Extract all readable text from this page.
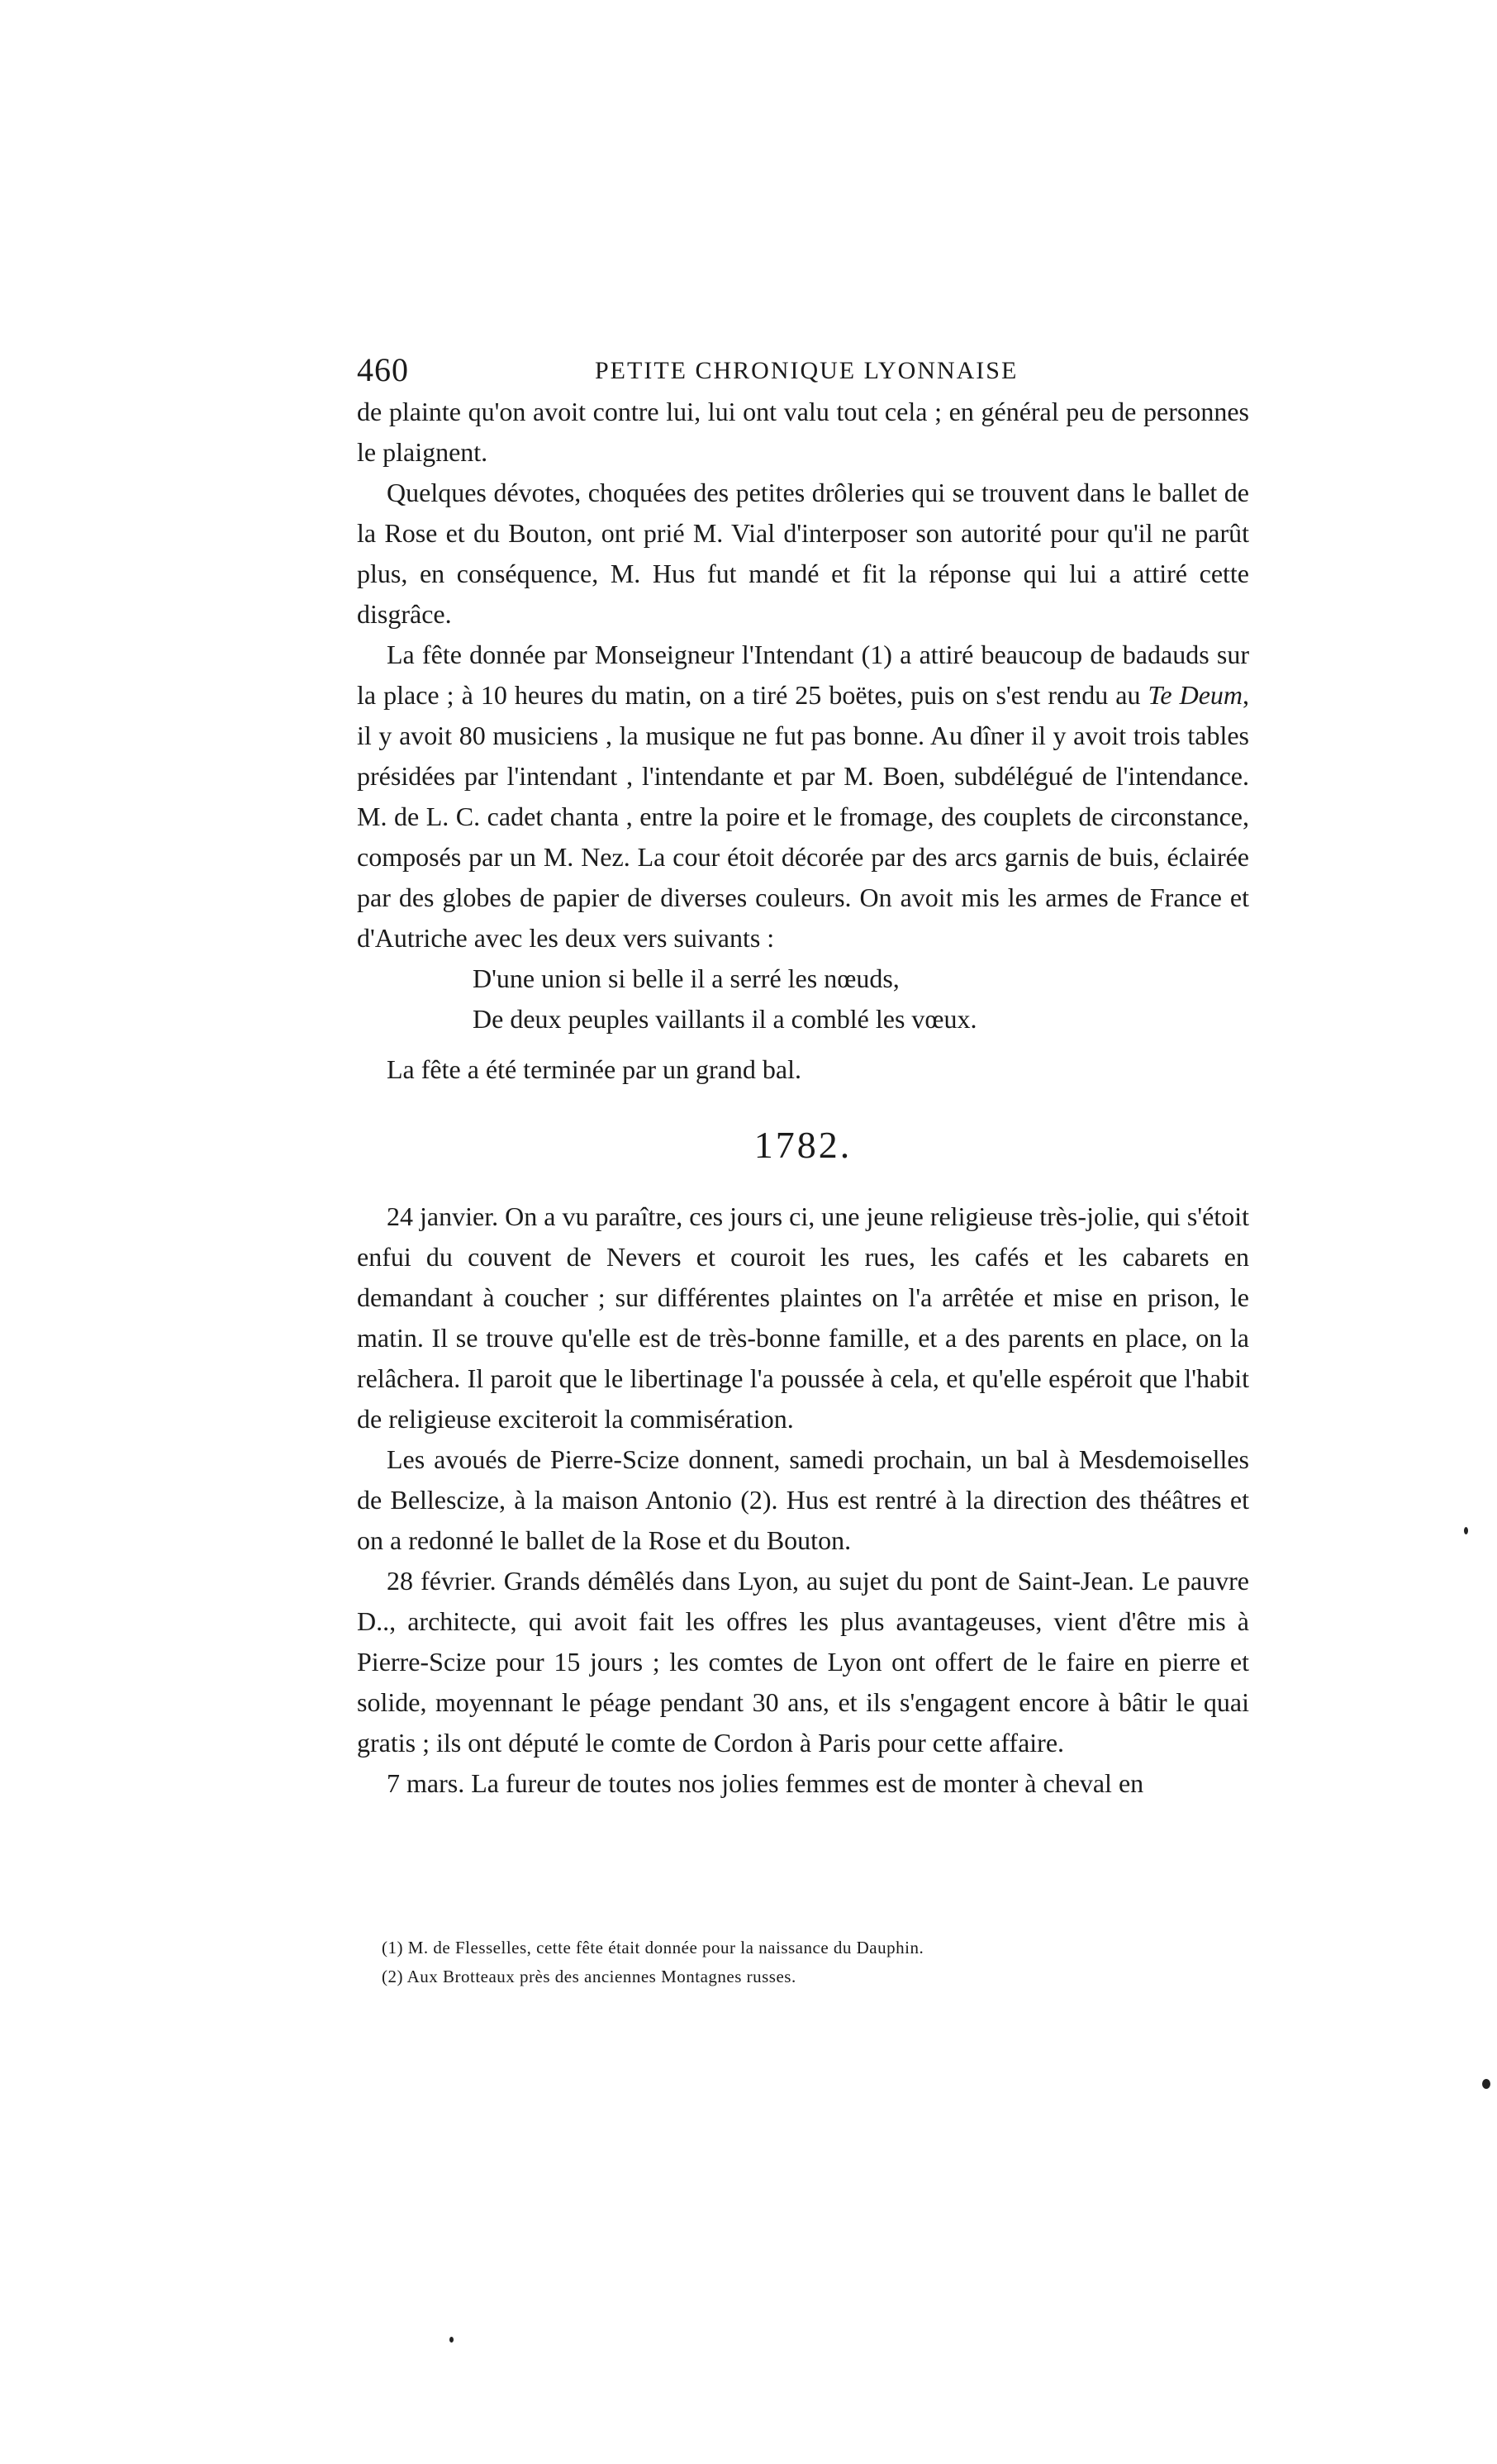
460	PETITE CHRONIQUE LYONNAISE

de plainte qu'on avoit contre lui, lui ont valu tout cela ; en général peu de personnes le plaignent.

Quelques dévotes, choquées des petites drôleries qui se trouvent dans le ballet de la Rose et du Bouton, ont prié M. Vial d'interposer son autorité pour qu'il ne parût plus, en conséquence, M. Hus fut mandé et fit la réponse qui lui a attiré cette disgrâce.

La fête donnée par Monseigneur l'Intendant (1) a attiré beaucoup de badauds sur la place ; à 10 heures du matin, on a tiré 25 boëtes, puis on s'est rendu au Te Deum, il y avoit 80 musiciens , la musique ne fut pas bonne. Au dîner il y avoit trois tables présidées par l'intendant , l'intendante et par M. Boen, subdélégué de l'intendance. M. de L. C. cadet chanta , entre la poire et le fromage, des couplets de circonstance, composés par un M. Nez. La cour étoit décorée par des arcs garnis de buis, éclairée par des globes de papier de diverses couleurs. On avoit mis les armes de France et d'Autriche avec les deux vers suivants :

D'une union si belle il a serré les nœuds,
De deux peuples vaillants il a comblé les vœux.

La fête a été terminée par un grand bal.

1782.

24 janvier. On a vu paraître, ces jours ci, une jeune religieuse très-jolie, qui s'étoit enfui du couvent de Nevers et couroit les rues, les cafés et les cabarets en demandant à coucher ; sur différentes plaintes on l'a arrêtée et mise en prison, le matin. Il se trouve qu'elle est de très-bonne famille, et a des parents en place, on la relâchera. Il paroit que le libertinage l'a poussée à cela, et qu'elle espéroit que l'habit de religieuse exciteroit la commisération.

Les avoués de Pierre-Scize donnent, samedi prochain, un bal à Mesdemoiselles de Bellescize, à la maison Antonio (2). Hus est rentré à la direction des théâtres et on a redonné le ballet de la Rose et du Bouton.

28 février. Grands démêlés dans Lyon, au sujet du pont de Saint-Jean. Le pauvre D.., architecte, qui avoit fait les offres les plus avantageuses, vient d'être mis à Pierre-Scize pour 15 jours ; les comtes de Lyon ont offert de le faire en pierre et solide, moyennant le péage pendant 30 ans, et ils s'engagent encore à bâtir le quai gratis ; ils ont député le comte de Cordon à Paris pour cette affaire.

7 mars. La fureur de toutes nos jolies femmes est de monter à cheval en

(1) M. de Flesselles, cette fête était donnée pour la naissance du Dauphin.
(2) Aux Brotteaux près des anciennes Montagnes russes.
